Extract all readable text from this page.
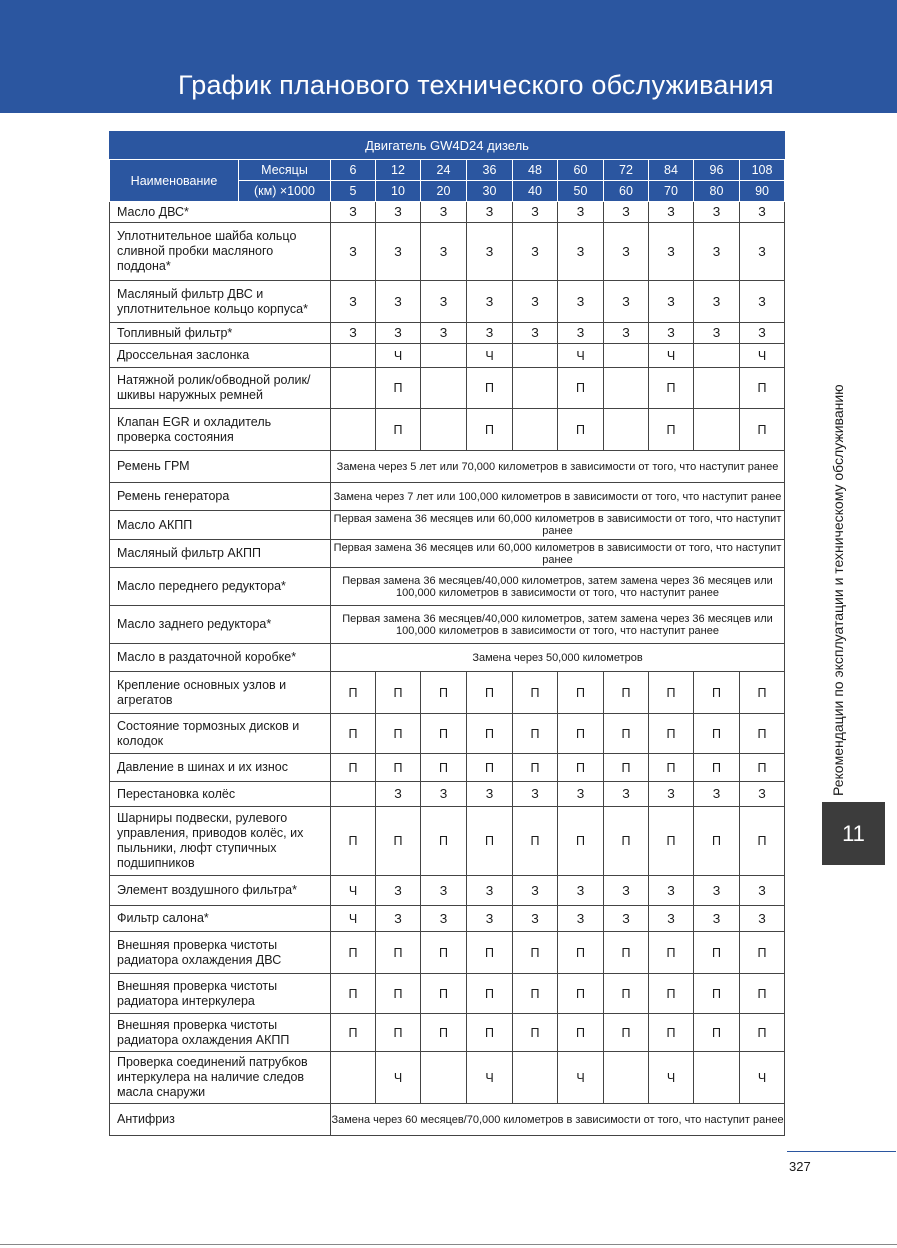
График планового технического обслуживания
Двигатель GW4D24 дизель											
Наименование	Месяцы	6	12	24	36	48	60	72	84	96	108
	(км) ×1000	5	10	20	30	40	50	60	70	80	90
Масло ДВС*		З	З	З	З	З	З	З	З	З	З
Уплотнительное шайба кольцо сливной пробки масляного поддона*		З	З	З	З	З	З	З	З	З	З
Масляный фильтр ДВС и уплотнительное кольцо корпуса*		З	З	З	З	З	З	З	З	З	З
Топливный фильтр*		З	З	З	З	З	З	З	З	З	З
Дроссельная заслонка			Ч		Ч		Ч		Ч		Ч
Натяжной ролик/обводной ролик/шкивы наружных ремней			П		П		П		П		П
Клапан EGR и охладитель проверка состояния			П		П		П		П		П
Ремень ГРМ		Замена через 5 лет или 70,000 километров в зависимости от того, что наступит ранее									
Ремень генератора		Замена через 7 лет или 100,000 километров в зависимости от того, что наступит ранее									
Масло АКПП		Первая замена 36 месяцев или 60,000 километров в зависимости от того, что наступит ранее									
Масляный фильтр АКПП		Первая замена 36 месяцев или 60,000 километров в зависимости от того, что наступит ранее									
Масло переднего редуктора*		Первая замена 36 месяцев/40,000 километров, затем замена через 36 месяцев или 100,000 километров в зависимости от того, что наступит ранее									
Масло заднего редуктора*		Первая замена 36 месяцев/40,000 километров, затем замена через 36 месяцев или 100,000 километров в зависимости от того, что наступит ранее									
Масло в раздаточной коробке*		Замена через 50,000 километров									
Крепление основных узлов и агрегатов		П	П	П	П	П	П	П	П	П	П
Состояние тормозных дисков и колодок		П	П	П	П	П	П	П	П	П	П
Давление в шинах и их износ		П	П	П	П	П	П	П	П	П	П
Перестановка колёс			З	З	З	З	З	З	З	З	З
Шарниры подвески, рулевого управления, приводов колёс, их пыльники, люфт ступичных подшипников		П	П	П	П	П	П	П	П	П	П
Элемент воздушного фильтра*		Ч	З	З	З	З	З	З	З	З	З
Фильтр салона*		Ч	З	З	З	З	З	З	З	З	З
Внешняя проверка чистоты радиатора охлаждения ДВС		П	П	П	П	П	П	П	П	П	П
Внешняя проверка чистоты радиатора интеркулера		П	П	П	П	П	П	П	П	П	П
Внешняя проверка чистоты радиатора охлаждения АКПП		П	П	П	П	П	П	П	П	П	П
Проверка соединений патрубков интеркулера на наличие следов масла снаружи			Ч		Ч		Ч		Ч		Ч
Антифриз		Замена через 60 месяцев/70,000 километров в зависимости от того, что наступит ранее									
Рекомендации по эксплуатации и техническому обслуживанию
11
327
